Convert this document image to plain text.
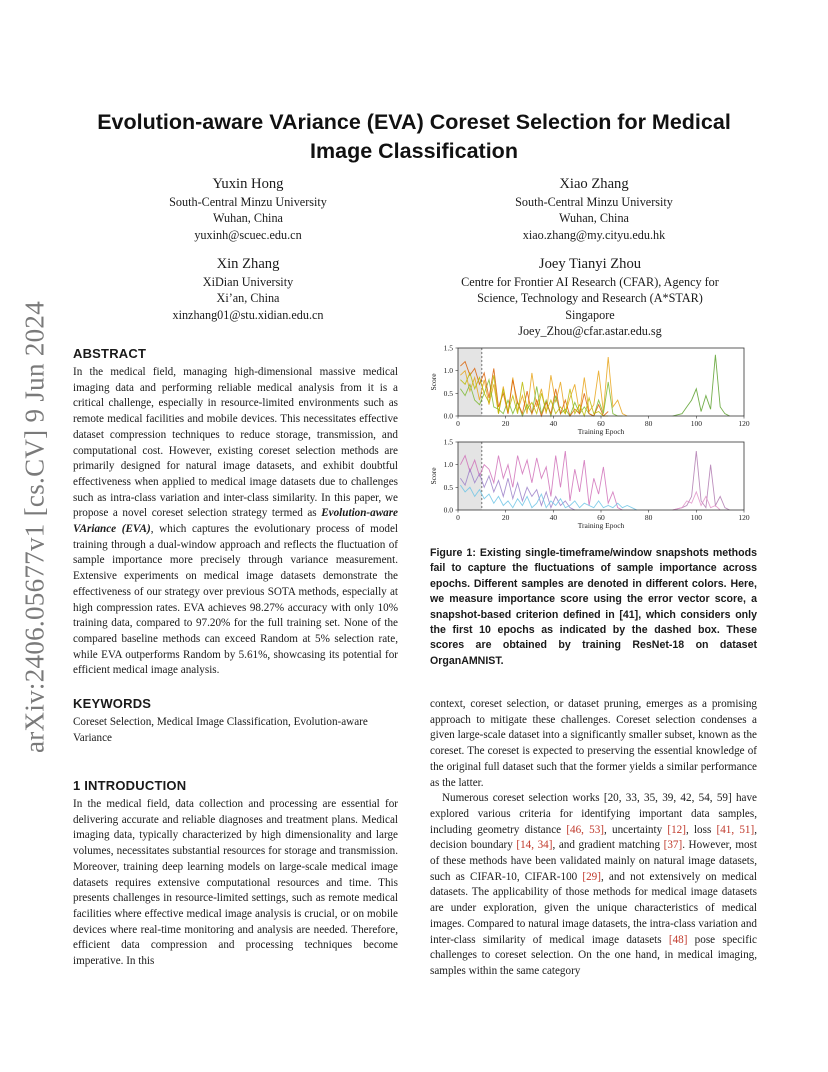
arXiv:2406.05677v1 [cs.CV] 9 Jun 2024
Evolution-aware VAriance (EVA) Coreset Selection for Medical Image Classification
Yuxin Hong
South-Central Minzu University
Wuhan, China
yuxinh@scuec.edu.cn
Xiao Zhang
South-Central Minzu University
Wuhan, China
xiao.zhang@my.cityu.edu.hk
Xin Zhang
XiDian University
Xi’an, China
xinzhang01@stu.xidian.edu.cn
Joey Tianyi Zhou
Centre for Frontier AI Research (CFAR), Agency for
Science, Technology and Research (A*STAR)
Singapore
Joey_Zhou@cfar.astar.edu.sg
ABSTRACT

In the medical field, managing high-dimensional massive medical imaging data and performing reliable medical analysis from it is a critical challenge, especially in resource-limited environments such as remote medical facilities and mobile devices. This necessitates effective dataset compression techniques to reduce storage, transmission, and computational cost. However, existing coreset selection methods are primarily designed for natural image datasets, and exhibit doubtful effectiveness when applied to medical image datasets due to challenges such as intra-class variation and inter-class similarity. In this paper, we propose a novel coreset selection strategy termed as Evolution-aware VAriance (EVA), which captures the evolutionary process of model training through a dual-window approach and reflects the fluctuation of sample importance more precisely through variance measurement. Extensive experiments on medical image datasets demonstrate the effectiveness of our strategy over previous SOTA methods, especially at high compression rates. EVA achieves 98.27% accuracy with only 10% training data, compared to 97.20% for the full training set. None of the compared baseline methods can exceed Random at 5% selection rate, while EVA outperforms Random by 5.61%, showcasing its potential for efficient medical image analysis.

KEYWORDS
Coreset Selection, Medical Image Classification, Evolution-aware Variance
1 INTRODUCTION
In the medical field, data collection and processing are essential for delivering accurate and reliable diagnoses and treatment plans. Medical imaging data, typically characterized by high dimensionality and large volumes, necessitates substantial resources for storage and transmission. Moreover, training deep learning models on large-scale medical image datasets requires extensive computational resources and time. This presents challenges in resource-limited settings, such as remote medical facilities where effective medical image analysis is crucial, or on mobile devices where real-time monitoring and analysis are needed. Therefore, efficient data compression and processing techniques become imperative. In this
0	20	40	60	80	100	120
0.0
0.5
1.0
1.5
Training Epoch
Score
0	20	40	60	80	100	120
0.0
0.5
1.0
1.5
Training Epoch
Score
Figure 1: Existing single-timeframe/window snapshots methods fail to capture the fluctuations of sample importance across epochs. Different samples are denoted in different colors. Here, we measure importance score using the error vector score, a snapshot-based criterion defined in [41], which considers only the first 10 epochs as indicated by the dashed box. These scores are obtained by training ResNet-18 on dataset OrganAMNIST.

context, coreset selection, or dataset pruning, emerges as a promising approach to mitigate these challenges. Coreset selection condenses a given large-scale dataset into a significantly smaller subset, known as the coreset. The coreset is expected to preserving the essential knowledge of the original full dataset such that the former yields a similar performance as the latter.

Numerous coreset selection works [20, 33, 35, 39, 42, 54, 59] have explored various criteria for identifying important data samples, including geometry distance [46, 53], uncertainty [12], loss [41, 51], decision boundary [14, 34], and gradient matching [37]. However, most of these methods have been validated mainly on natural image datasets, such as CIFAR-10, CIFAR-100 [29], and not extensively on medical datasets. The applicability of those methods for medical image datasets are under exploration, given the unique characteristics of medical images. Compared to natural image datasets, the intra-class variation and inter-class similarity of medical image datasets [48] pose specific challenges to coreset selection. On the one hand, in medical imaging, samples within the same category
